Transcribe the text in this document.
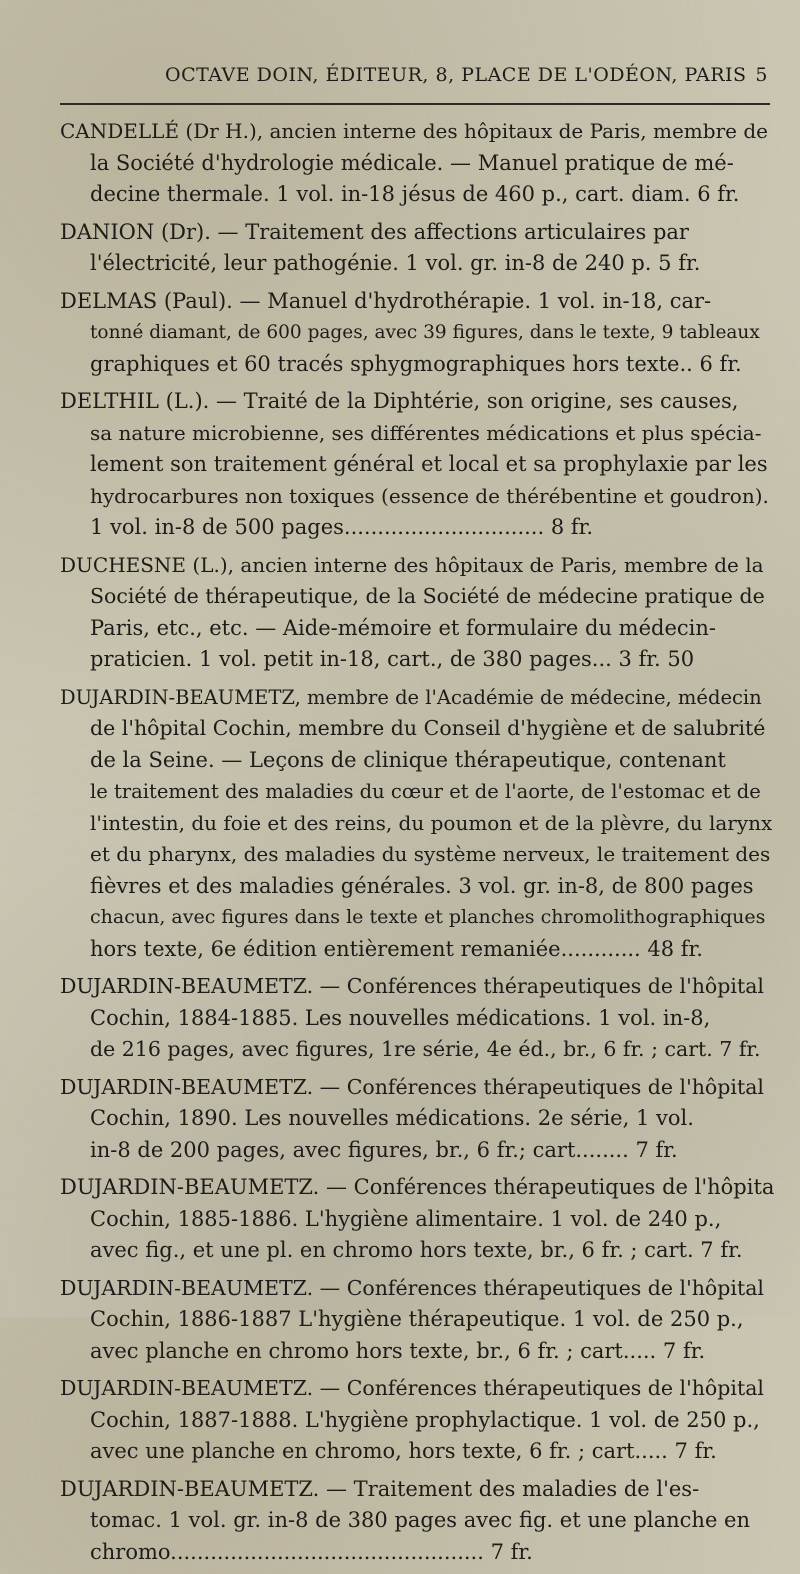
OCTAVE DOIN, ÉDITEUR, 8, PLACE DE L'ODÉON, PARIS 5
CANDELLÉ (Dr H.), ancien interne des hôpitaux de Paris, membre de
la Société d'hydrologie médicale. — Manuel pratique de mé-
decine thermale. 1 vol. in-18 jésus de 460 p., cart. diam. 6 fr.
DANION (Dr). — Traitement des affections articulaires par
l'électricité, leur pathogénie. 1 vol. gr. in-8 de 240 p. 5 fr.
DELMAS (Paul). — Manuel d'hydrothérapie. 1 vol. in-18, car-
tonné diamant, de 600 pages, avec 39 figures, dans le texte, 9 tableaux
graphiques et 60 tracés sphygmographiques hors texte.. 6 fr.
DELTHIL (L.). — Traité de la Diphtérie, son origine, ses causes,
sa nature microbienne, ses différentes médications et plus spécia-
lement son traitement général et local et sa prophylaxie par les
hydrocarbures non toxiques (essence de thérébentine et goudron).
1 vol. in-8 de 500 pages.............................. 8 fr.
DUCHESNE (L.), ancien interne des hôpitaux de Paris, membre de la
Société de thérapeutique, de la Société de médecine pratique de
Paris, etc., etc. — Aide-mémoire et formulaire du médecin-
praticien. 1 vol. petit in-18, cart., de 380 pages... 3 fr. 50
DUJARDIN-BEAUMETZ, membre de l'Académie de médecine, médecin
de l'hôpital Cochin, membre du Conseil d'hygiène et de salubrité
de la Seine. — Leçons de clinique thérapeutique, contenant
le traitement des maladies du cœur et de l'aorte, de l'estomac et de
l'intestin, du foie et des reins, du poumon et de la plèvre, du larynx
et du pharynx, des maladies du système nerveux, le traitement des
fièvres et des maladies générales. 3 vol. gr. in-8, de 800 pages
chacun, avec figures dans le texte et planches chromolithographiques
hors texte, 6e édition entièrement remaniée............ 48 fr.
DUJARDIN-BEAUMETZ. — Conférences thérapeutiques de l'hôpital
Cochin, 1884-1885. Les nouvelles médications. 1 vol. in-8,
de 216 pages, avec figures, 1re série, 4e éd., br., 6 fr. ; cart. 7 fr.
DUJARDIN-BEAUMETZ. — Conférences thérapeutiques de l'hôpital
Cochin, 1890. Les nouvelles médications. 2e série, 1 vol.
in-8 de 200 pages, avec figures, br., 6 fr.; cart........ 7 fr.
DUJARDIN-BEAUMETZ. — Conférences thérapeutiques de l'hôpita
Cochin, 1885-1886. L'hygiène alimentaire. 1 vol. de 240 p.,
avec fig., et une pl. en chromo hors texte, br., 6 fr. ; cart. 7 fr.
DUJARDIN-BEAUMETZ. — Conférences thérapeutiques de l'hôpital
Cochin, 1886-1887 L'hygiène thérapeutique. 1 vol. de 250 p.,
avec planche en chromo hors texte, br., 6 fr. ; cart..... 7 fr.
DUJARDIN-BEAUMETZ. — Conférences thérapeutiques de l'hôpital
Cochin, 1887-1888. L'hygiène prophylactique. 1 vol. de 250 p.,
avec une planche en chromo, hors texte, 6 fr. ; cart..... 7 fr.
DUJARDIN-BEAUMETZ. — Traitement des maladies de l'es-
tomac. 1 vol. gr. in-8 de 380 pages avec fig. et une planche en
chromo............................................... 7 fr.
